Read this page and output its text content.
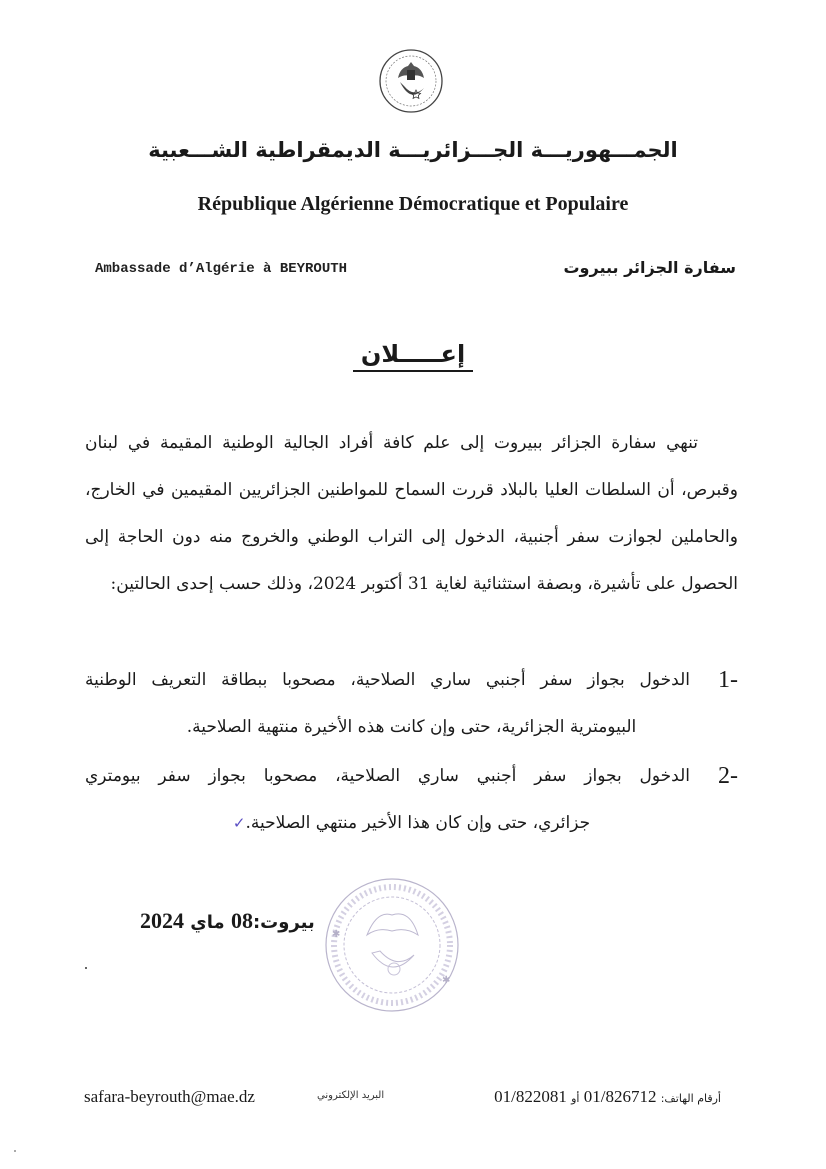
الجمـــهوريـــة الجـــزائريـــة الديمقراطية الشـــعبية
République Algérienne Démocratique et Populaire
Ambassade d’Algérie à BEYROUTH	سفارة الجزائر ببيروت
إعـــــلان

تنهي سفارة الجزائر ببيروت إلى علم كافة أفراد الجالية الوطنية المقيمة في لبنان وقبرص، أن السلطات العليا بالبلاد قررت السماح للمواطنين الجزائريين المقيمين في الخارج، والحاملين لجوازت سفر أجنبية، الدخول إلى التراب الوطني والخروج منه دون الحاجة إلى الحصول على تأشيرة، وبصفة استثنائية لغاية 31 أكتوبر 2024، وذلك حسب إحدى الحالتين:

1-
الدخول بجواز سفر أجنبي ساري الصلاحية، مصحوبا ببطاقة التعريف الوطنية
البيومترية الجزائرية، حتى وإن كانت هذه الأخيرة منتهية الصلاحية.
2-
الدخول بجواز سفر أجنبي ساري الصلاحية، مصحوبا بجواز سفر بيومتري
جزائري، حتى وإن كان هذا الأخير منتهي الصلاحية.✓
بيروت:08 ماي 2024
✱
✱
safara-beyrouth@mae.dz	البريد الإلكتروني	أرقام الهاتف: 01/826712 أو 01/822081
